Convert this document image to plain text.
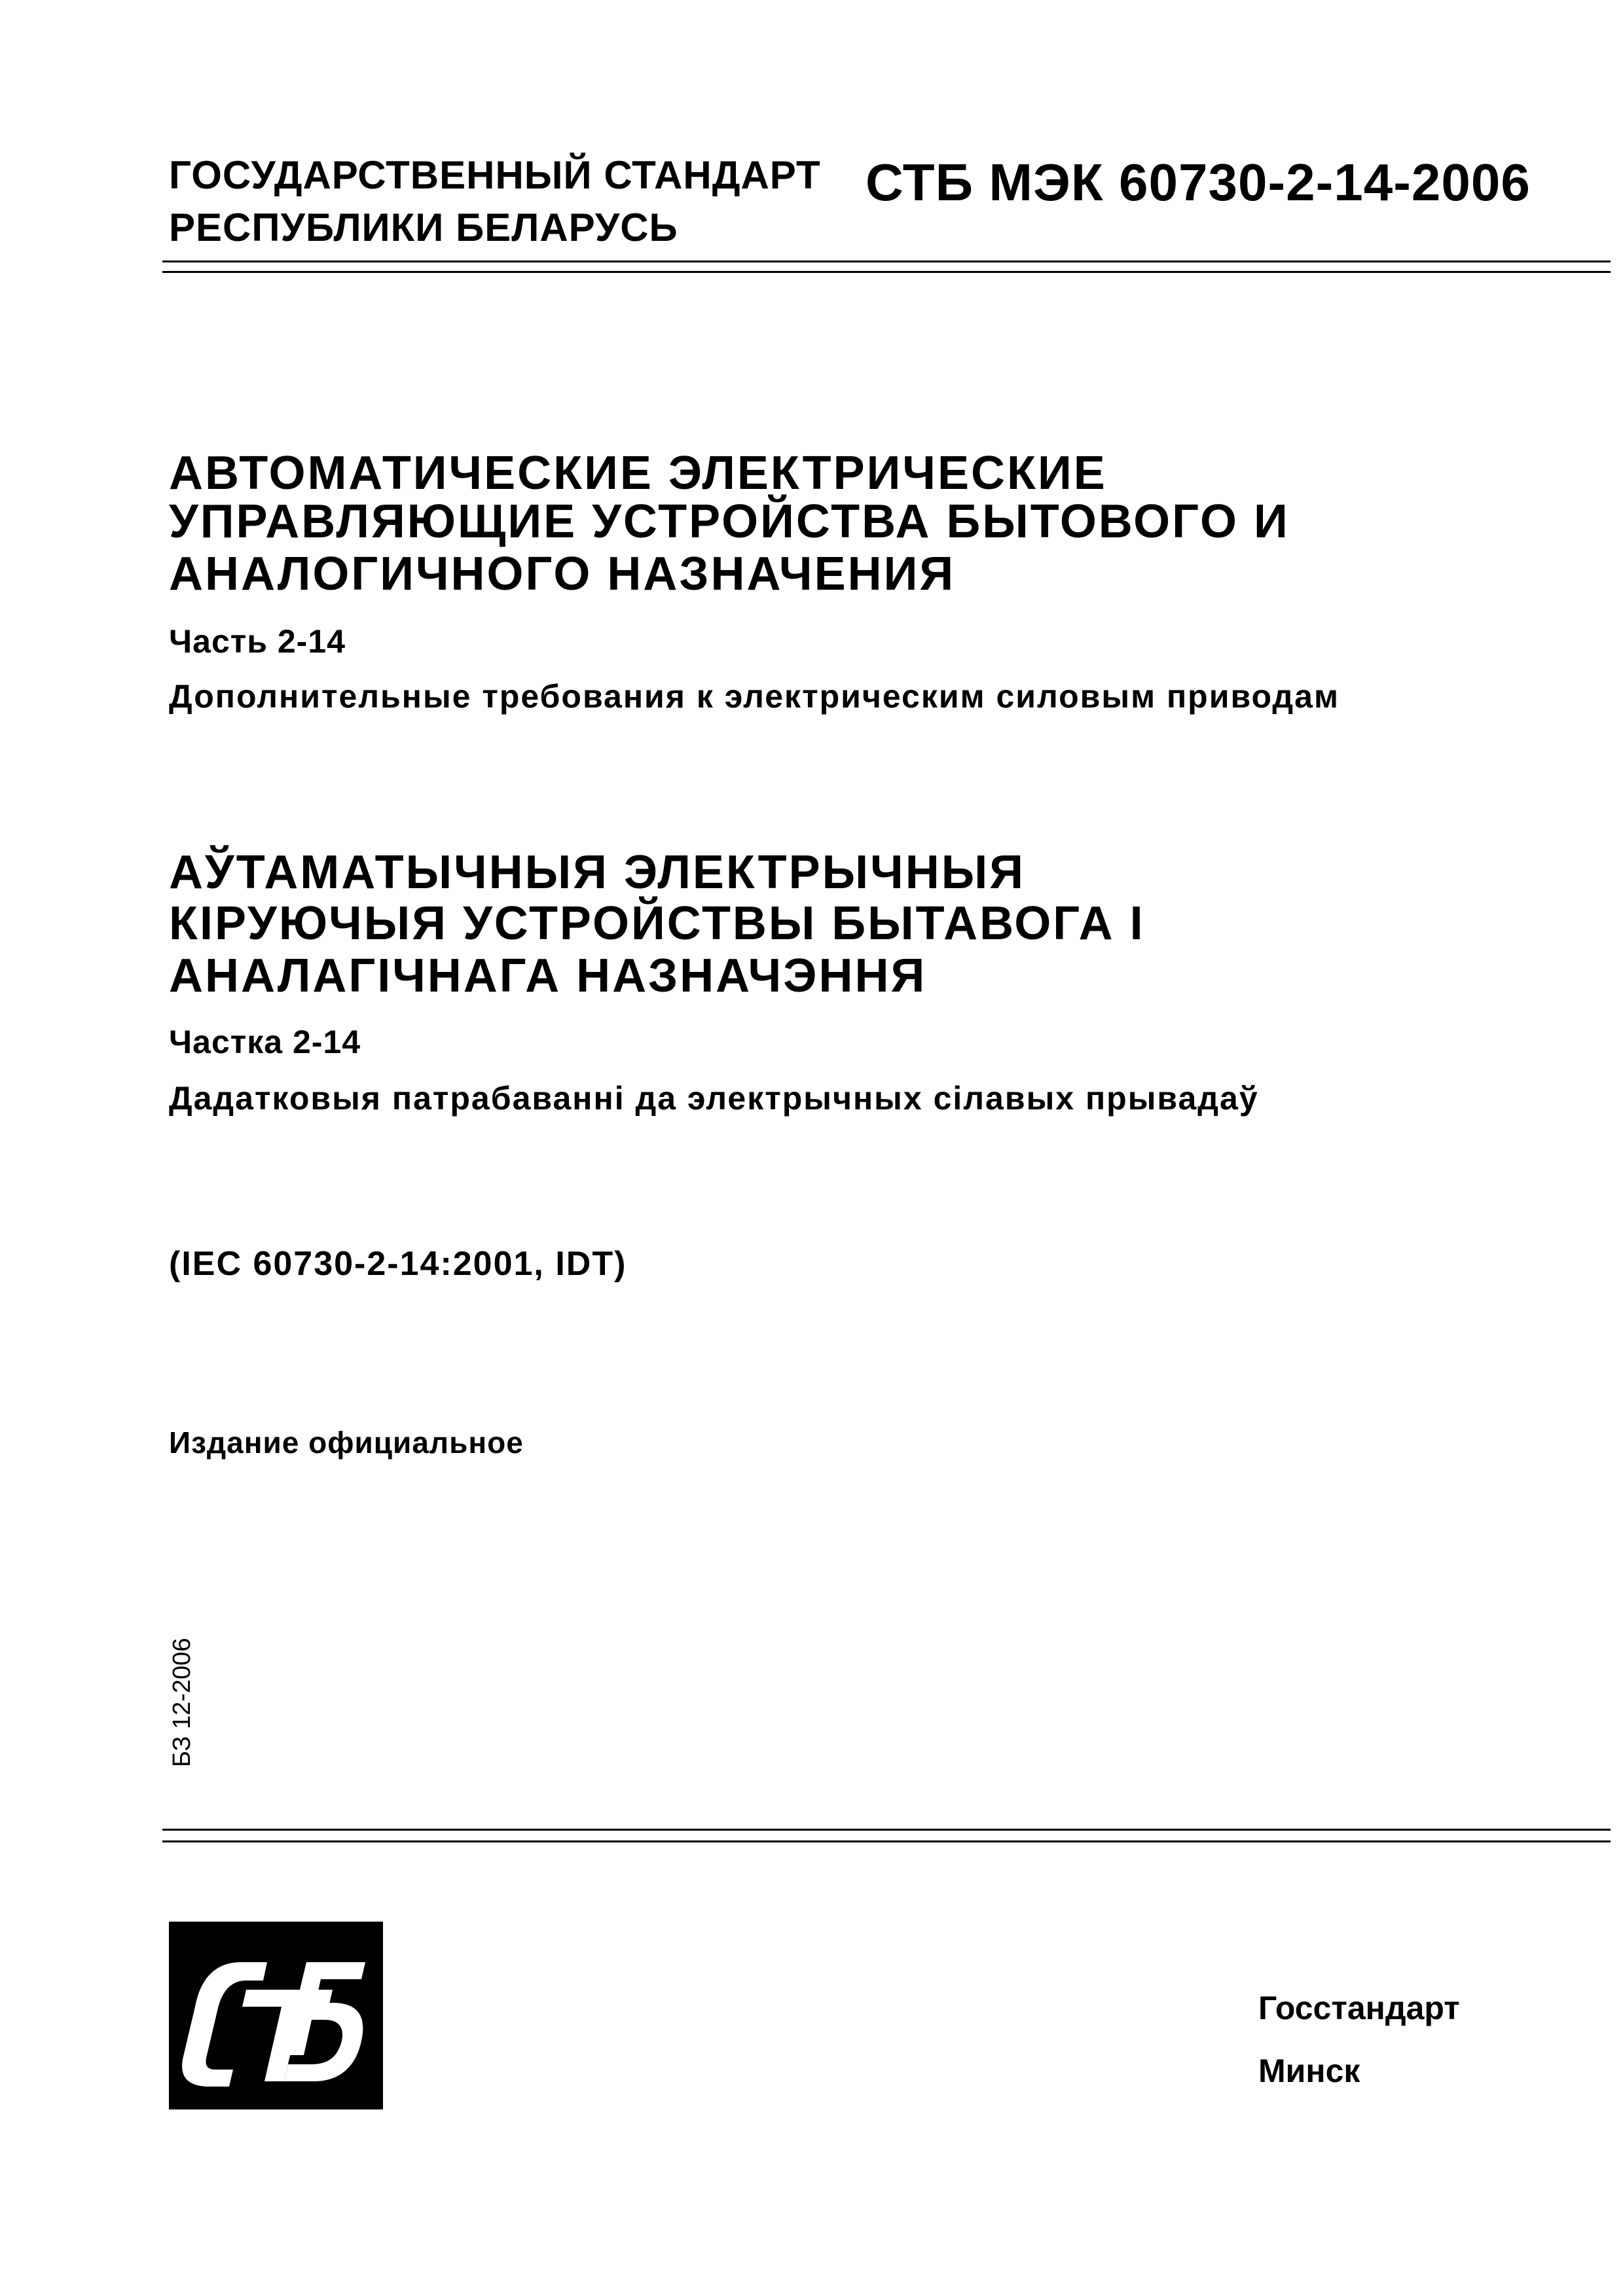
ГОСУДАРСТВЕННЫЙ СТАНДАРТ
РЕСПУБЛИКИ БЕЛАРУСЬ
СТБ МЭК 60730-2-14-2006
АВТОМАТИЧЕСКИЕ ЭЛЕКТРИЧЕСКИЕ
УПРАВЛЯЮЩИЕ УСТРОЙСТВА БЫТОВОГО И
АНАЛОГИЧНОГО НАЗНАЧЕНИЯ
Часть 2-14
Дополнительные требования к электрическим силовым приводам
АЎТАМАТЫЧНЫЯ ЭЛЕКТРЫЧНЫЯ
КІРУЮЧЫЯ УСТРОЙСТВЫ БЫТАВОГА І
АНАЛАГІЧНАГА НАЗНАЧЭННЯ
Частка 2-14
Дадатковыя патрабаванні да электрычных сілавых прывадаў
(IEC 60730-2-14:2001, IDT)
Издание официальное
БЗ 12-2006
Госстандарт
Минск
